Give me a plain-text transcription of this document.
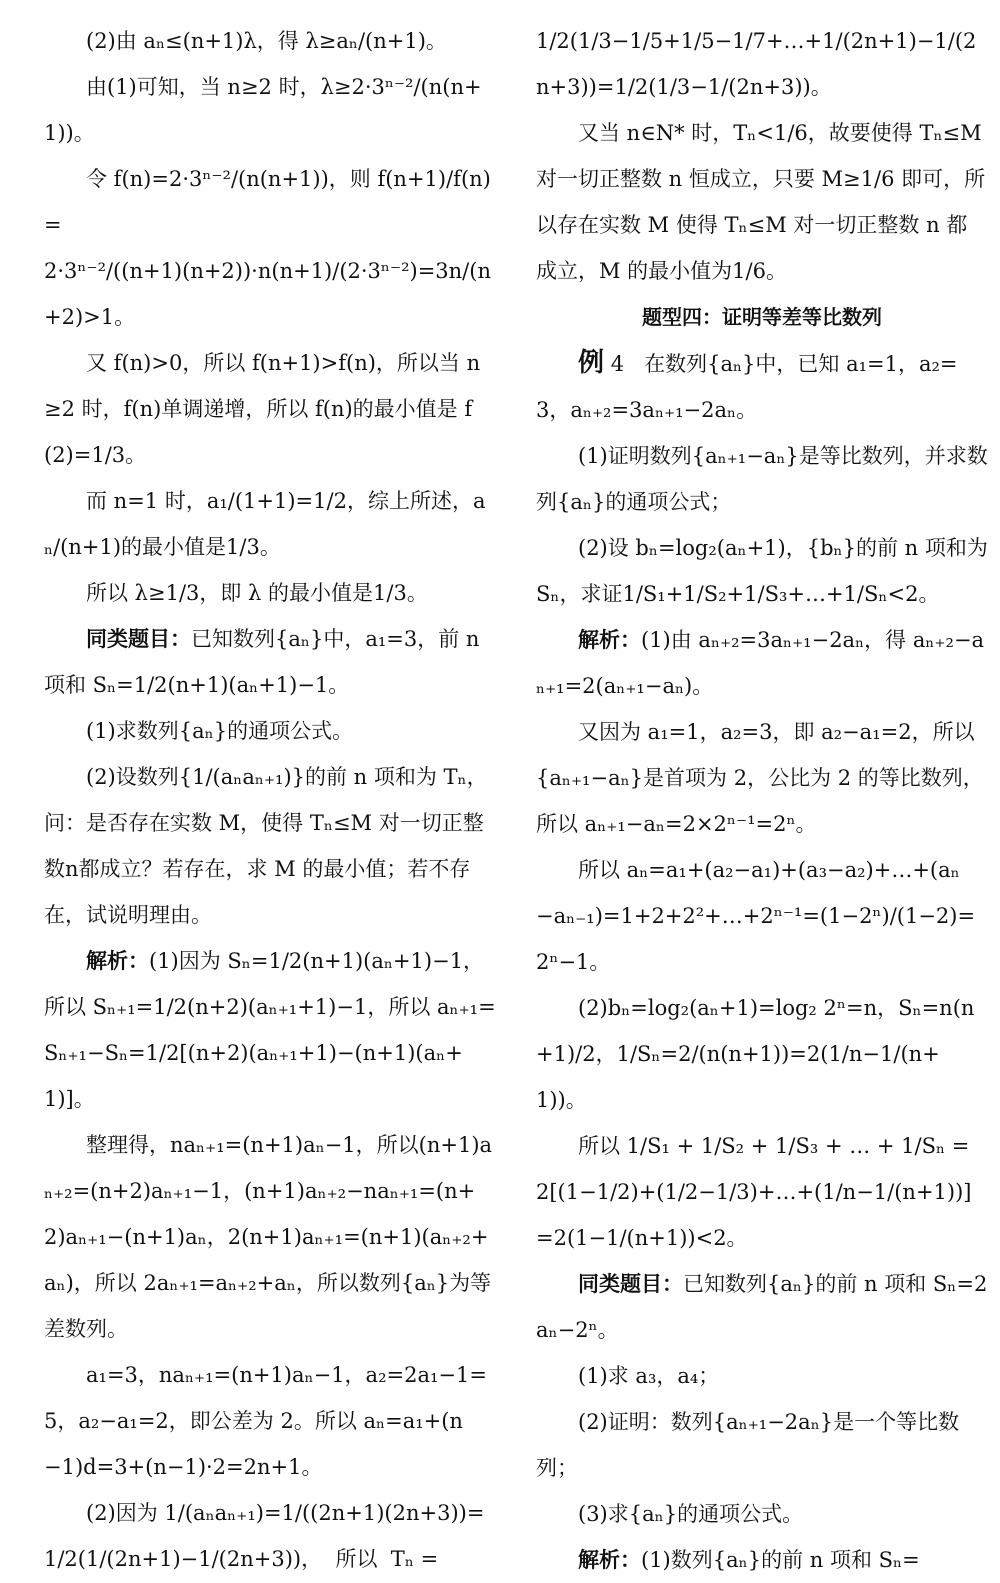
(2)由 aₙ≤(n+1)λ，得 λ≥aₙ/(n+1)。

由(1)可知，当 n≥2 时，λ≥2·3ⁿ⁻²/(n(n+1))。

令 f(n)=2·3ⁿ⁻²/(n(n+1))，则 f(n+1)/f(n)=

2·3ⁿ⁻²/((n+1)(n+2))·n(n+1)/(2·3ⁿ⁻²)=3n/(n+2)>1。

又 f(n)>0，所以 f(n+1)>f(n)，所以当 n≥2 时，f(n)单调递增，所以 f(n)的最小值是 f(2)=1/3。

而 n=1 时，a₁/(1+1)=1/2，综上所述，aₙ/(n+1)的最小值是1/3。

所以 λ≥1/3，即 λ 的最小值是1/3。

同类题目：已知数列{aₙ}中，a₁=3，前 n 项和 Sₙ=1/2(n+1)(aₙ+1)−1。

(1)求数列{aₙ}的通项公式。

(2)设数列{1/(aₙaₙ₊₁)}的前 n 项和为 Tₙ，问：是否存在实数 M，使得 Tₙ≤M 对一切正整数n都成立？若存在，求 M 的最小值；若不存在，试说明理由。

解析：(1)因为 Sₙ=1/2(n+1)(aₙ+1)−1，所以 Sₙ₊₁=1/2(n+2)(aₙ₊₁+1)−1，所以 aₙ₊₁=Sₙ₊₁−Sₙ=1/2[(n+2)(aₙ₊₁+1)−(n+1)(aₙ+1)]。

整理得，naₙ₊₁=(n+1)aₙ−1，所以(n+1)aₙ₊₂=(n+2)aₙ₊₁−1，(n+1)aₙ₊₂−naₙ₊₁=(n+2)aₙ₊₁−(n+1)aₙ，2(n+1)aₙ₊₁=(n+1)(aₙ₊₂+aₙ)，所以 2aₙ₊₁=aₙ₊₂+aₙ，所以数列{aₙ}为等差数列。

a₁=3，naₙ₊₁=(n+1)aₙ−1，a₂=2a₁−1=5，a₂−a₁=2，即公差为 2。所以 aₙ=a₁+(n−1)d=3+(n−1)·2=2n+1。

(2)因为 1/(aₙaₙ₊₁)=1/((2n+1)(2n+3))=1/2(1/(2n+1)−1/(2n+3))，  所以  Tₙ =

1/2(1/3−1/5+1/5−1/7+…+1/(2n+1)−1/(2n+3))=1/2(1/3−1/(2n+3))。

又当 n∈N* 时，Tₙ<1/6，故要使得 Tₙ≤M 对一切正整数 n 恒成立，只要 M≥1/6 即可，所以存在实数 M 使得 Tₙ≤M 对一切正整数 n 都成立，M 的最小值为1/6。

题型四：证明等差等比数列

例 4   在数列{aₙ}中，已知 a₁=1，a₂=3，aₙ₊₂=3aₙ₊₁−2aₙ。

(1)证明数列{aₙ₊₁−aₙ}是等比数列，并求数列{aₙ}的通项公式；

(2)设 bₙ=log₂(aₙ+1)，{bₙ}的前 n 项和为 Sₙ，求证1/S₁+1/S₂+1/S₃+…+1/Sₙ<2。

解析：(1)由 aₙ₊₂=3aₙ₊₁−2aₙ，得 aₙ₊₂−aₙ₊₁=2(aₙ₊₁−aₙ)。

又因为 a₁=1，a₂=3，即 a₂−a₁=2，所以{aₙ₊₁−aₙ}是首项为 2，公比为 2 的等比数列，所以 aₙ₊₁−aₙ=2×2ⁿ⁻¹=2ⁿ。

所以 aₙ=a₁+(a₂−a₁)+(a₃−a₂)+…+(aₙ−aₙ₋₁)=1+2+2²+…+2ⁿ⁻¹=(1−2ⁿ)/(1−2)=2ⁿ−1。

(2)bₙ=log₂(aₙ+1)=log₂ 2ⁿ=n，Sₙ=n(n+1)/2，1/Sₙ=2/(n(n+1))=2(1/n−1/(n+1))。

所以 1/S₁ + 1/S₂ + 1/S₃ + … + 1/Sₙ = 2[(1−1/2)+(1/2−1/3)+…+(1/n−1/(n+1))]=2(1−1/(n+1))<2。

同类题目：已知数列{aₙ}的前 n 项和 Sₙ=2aₙ−2ⁿ。

(1)求 a₃，a₄；

(2)证明：数列{aₙ₊₁−2aₙ}是一个等比数列；

(3)求{aₙ}的通项公式。

解析：(1)数列{aₙ}的前 n 项和 Sₙ=
